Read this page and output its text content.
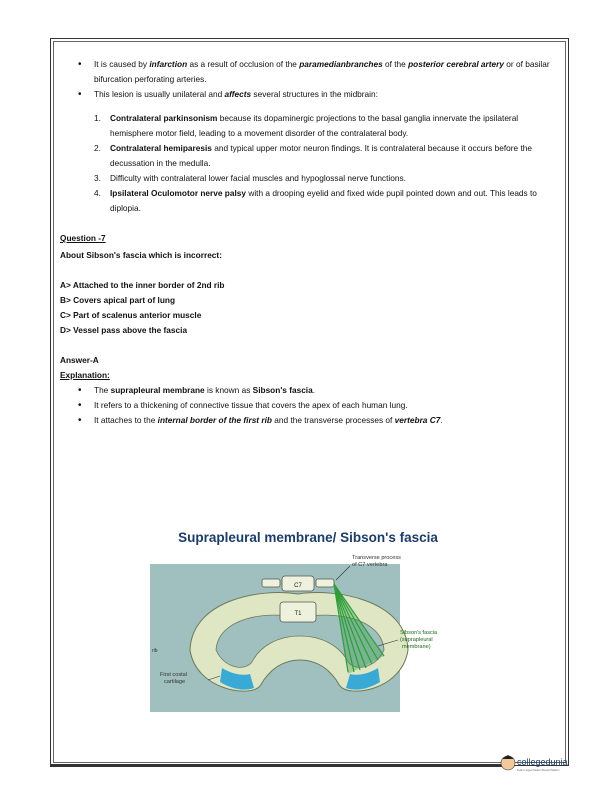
• It is caused by infarction as a result of occlusion of the paramedianbranches of the posterior cerebral artery or of basilar bifurcation perforating arteries.

• This lesion is usually unilateral and affects several structures in the midbrain:

1. Contralateral parkinsonism because its dopaminergic projections to the basal ganglia innervate the ipsilateral hemisphere motor field, leading to a movement disorder of the contralateral body.

2. Contralateral hemiparesis and typical upper motor neuron findings. It is contralateral because it occurs before the decussation in the medulla.

3. Difficulty with contralateral lower facial muscles and hypoglossal nerve functions.

4. Ipsilateral Oculomotor nerve palsy with a drooping eyelid and fixed wide pupil pointed down and out. This leads to diplopia.

Question -7

About Sibson's fascia which is incorrect:

A> Attached to the inner border of 2nd rib

B> Covers apical part of lung

C> Part of scalenus anterior muscle

D> Vessel pass above the fascia

Answer-A

Explanation:

• The suprapleural membrane is known as Sibson's fascia.

• It refers to a thickening of connective tissue that covers the apex of each human lung.

• It attaches to the internal border of the first rib and the transverse processes of vertebra C7.

Suprapleural membrane/ Sibson's fascia
C7
T1
Transverse process
of C7 vertebra
Sibson's fascia
(suprapleural
membrane)
rib
First costal
cartilage
collegedunia
India's Largest Student Review Platform
